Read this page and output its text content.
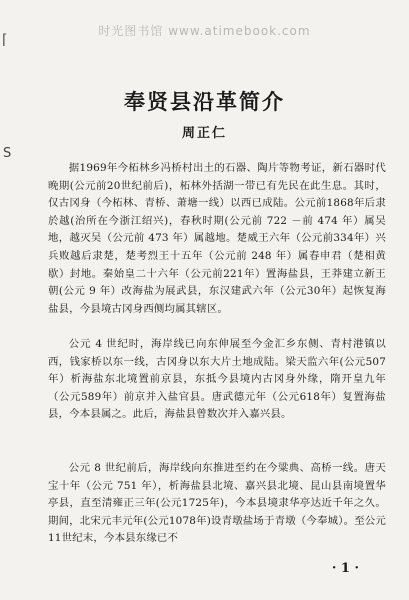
时光图书馆 www.atimebook.com
⌈
S
奉贤县沿革简介
周正仁
据1969年今柘林乡冯桥村出土的石器、陶片等物考证，新石器时代晚期(公元前20世纪前后)，柘林外括湖一带已有先民在此生息。其时，仅古冈身（今柘林、青桥、萧塘一线）以西已成陆。公元前1868年后隶於越(治所在今浙江绍兴)，春秋时期(公元前 722 －前 474 年）属吴地，越灭吴（公元前 473 年）属越地。楚威王六年（公元前334年）兴兵败越后隶楚，楚考烈王十五年（公元前 248 年）属春申君（楚相黄歇）封地。秦始皇二十六年（公元前221年）置海盐县，王莽建立新王朝(公元 9 年）改海盐为展武县，东汉建武六年（公元30年）起恢复海盐县，今县境古冈身西侧均属其辖区。
公元 4 世纪时，海岸线已向东伸展至今金汇乡东侧、青村港镇以西，钱家桥以东一线，古冈身以东大片土地成陆。梁天监六年(公元507年）析海盐东北境置前京县，东抵今县境内古冈身外缘，隋开皇九年（公元589年）前京并入盐官县。唐武德元年（公元618年）复置海盐县，今本县属之。此后，海盐县曾数次并入嘉兴县。
公元 8 世纪前后，海岸线向东推进至约在今粱典、高桥一线。唐天宝十年（公元 751 年），析海盐县北境、嘉兴县北境、昆山县南境置华亭县，直至清雍正三年(公元1725年)，今本县境隶华亭达近千年之久。期间，北宋元丰元年(公元1078年)设青墩盐场于青墩（今奉城）。至公元11世纪末，今本县东缘已不
· 1 ·
